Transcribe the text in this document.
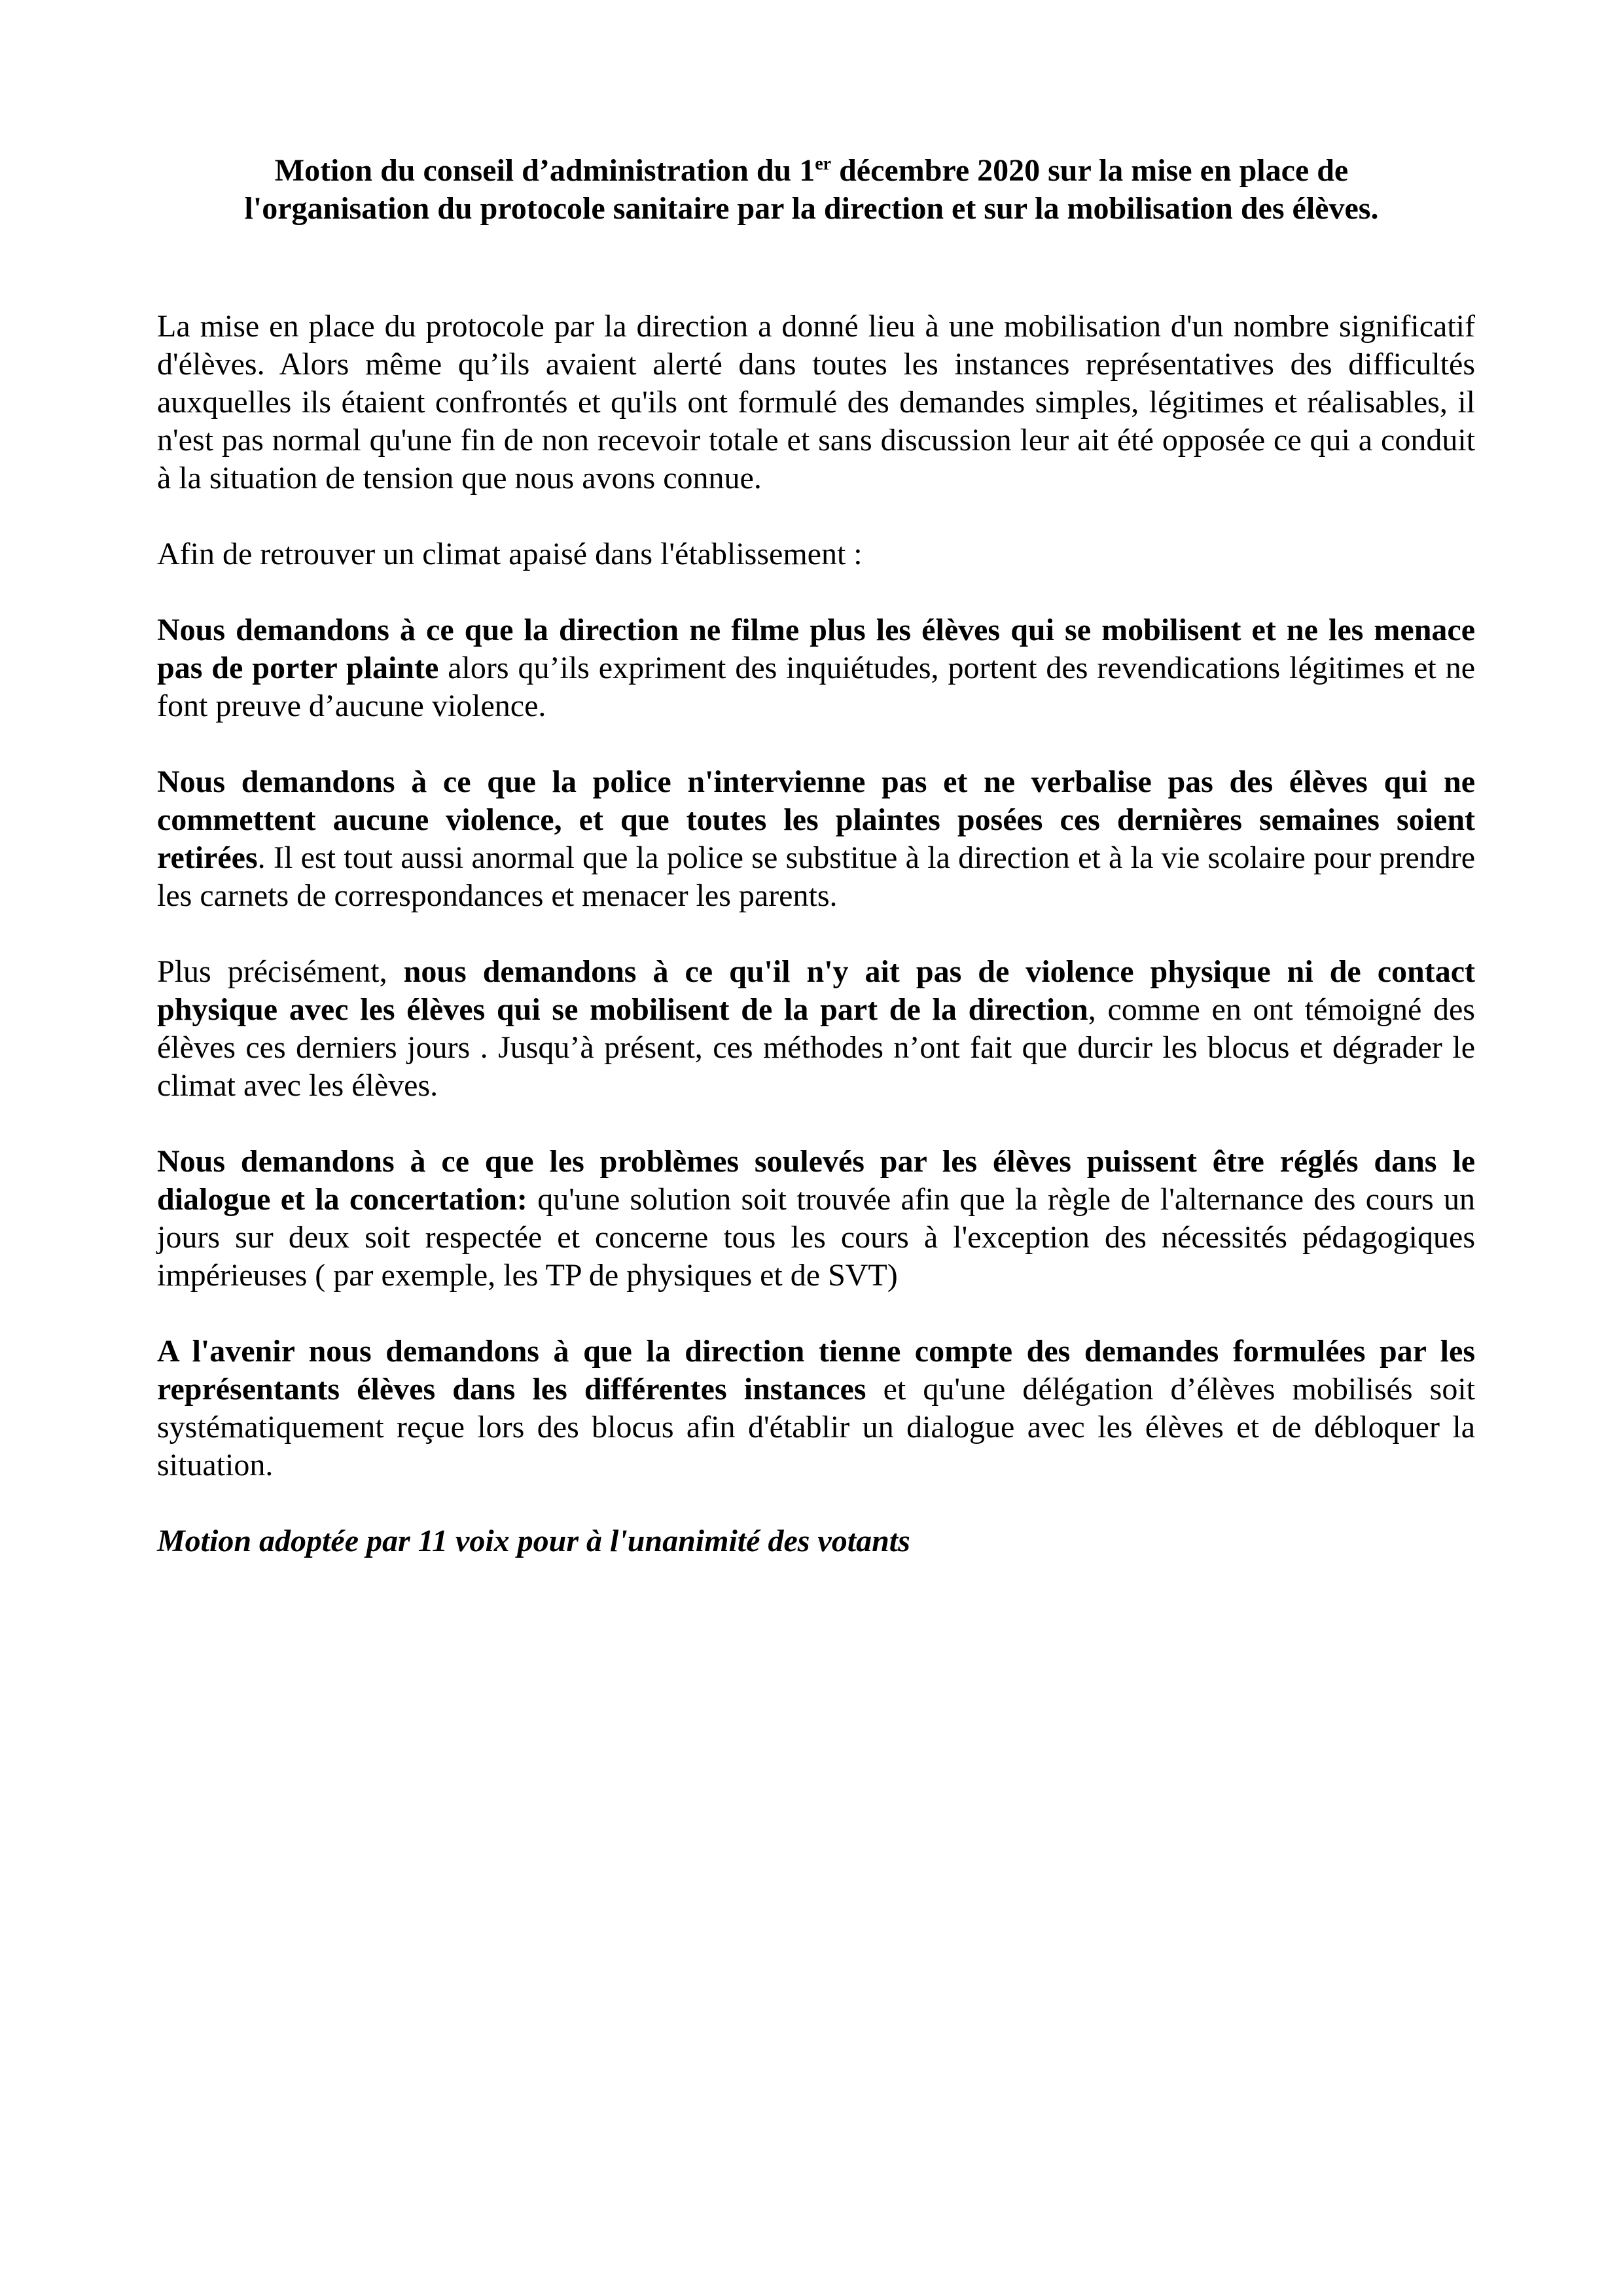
Motion du conseil d’administration du 1er décembre 2020 sur la mise en place de
l'organisation du protocole sanitaire par la direction et sur la mobilisation des élèves.

La mise en place du protocole par la direction a donné lieu à une mobilisation d'un nombre significatif d'élèves. Alors même qu’ils avaient alerté dans toutes les instances représentatives des difficultés auxquelles ils étaient confrontés et qu'ils ont formulé des demandes simples, légitimes et réalisables, il n'est pas normal qu'une fin de non recevoir totale et sans discussion leur ait été opposée ce qui a conduit à la situation de tension que nous avons connue.

Afin de retrouver un climat apaisé dans l'établissement :

Nous demandons à ce que la direction ne filme plus les élèves qui se mobilisent et ne les menace pas de porter plainte alors qu’ils expriment des inquiétudes, portent des revendications légitimes et ne font preuve d’aucune violence.

Nous demandons à ce que la police n'intervienne pas et ne verbalise pas des élèves qui ne commettent aucune violence, et que toutes les plaintes posées ces dernières semaines soient retirées. Il est tout aussi anormal que la police se substitue à la direction et à la vie scolaire pour prendre les carnets de correspondances et menacer les parents.

Plus précisément, nous demandons à ce qu'il n'y ait pas de violence physique ni de contact physique avec les élèves qui se mobilisent de la part de la direction, comme en ont témoigné des élèves ces derniers jours . Jusqu’à présent, ces méthodes n’ont fait que durcir les blocus et dégrader le climat avec les élèves.

Nous demandons à ce que les problèmes soulevés par les élèves puissent être réglés dans le dialogue et la concertation: qu'une solution soit trouvée afin que la règle de l'alternance des cours un jours sur deux soit respectée et concerne tous les cours à l'exception des nécessités pédagogiques impérieuses ( par exemple, les TP de physiques et de SVT)

A l'avenir nous demandons à que la direction tienne compte des demandes formulées par les représentants élèves dans les différentes instances et qu'une délégation d’élèves mobilisés soit systématiquement reçue lors des blocus afin d'établir un dialogue avec les élèves et de débloquer la situation.

Motion adoptée par 11 voix pour à l'unanimité des votants
